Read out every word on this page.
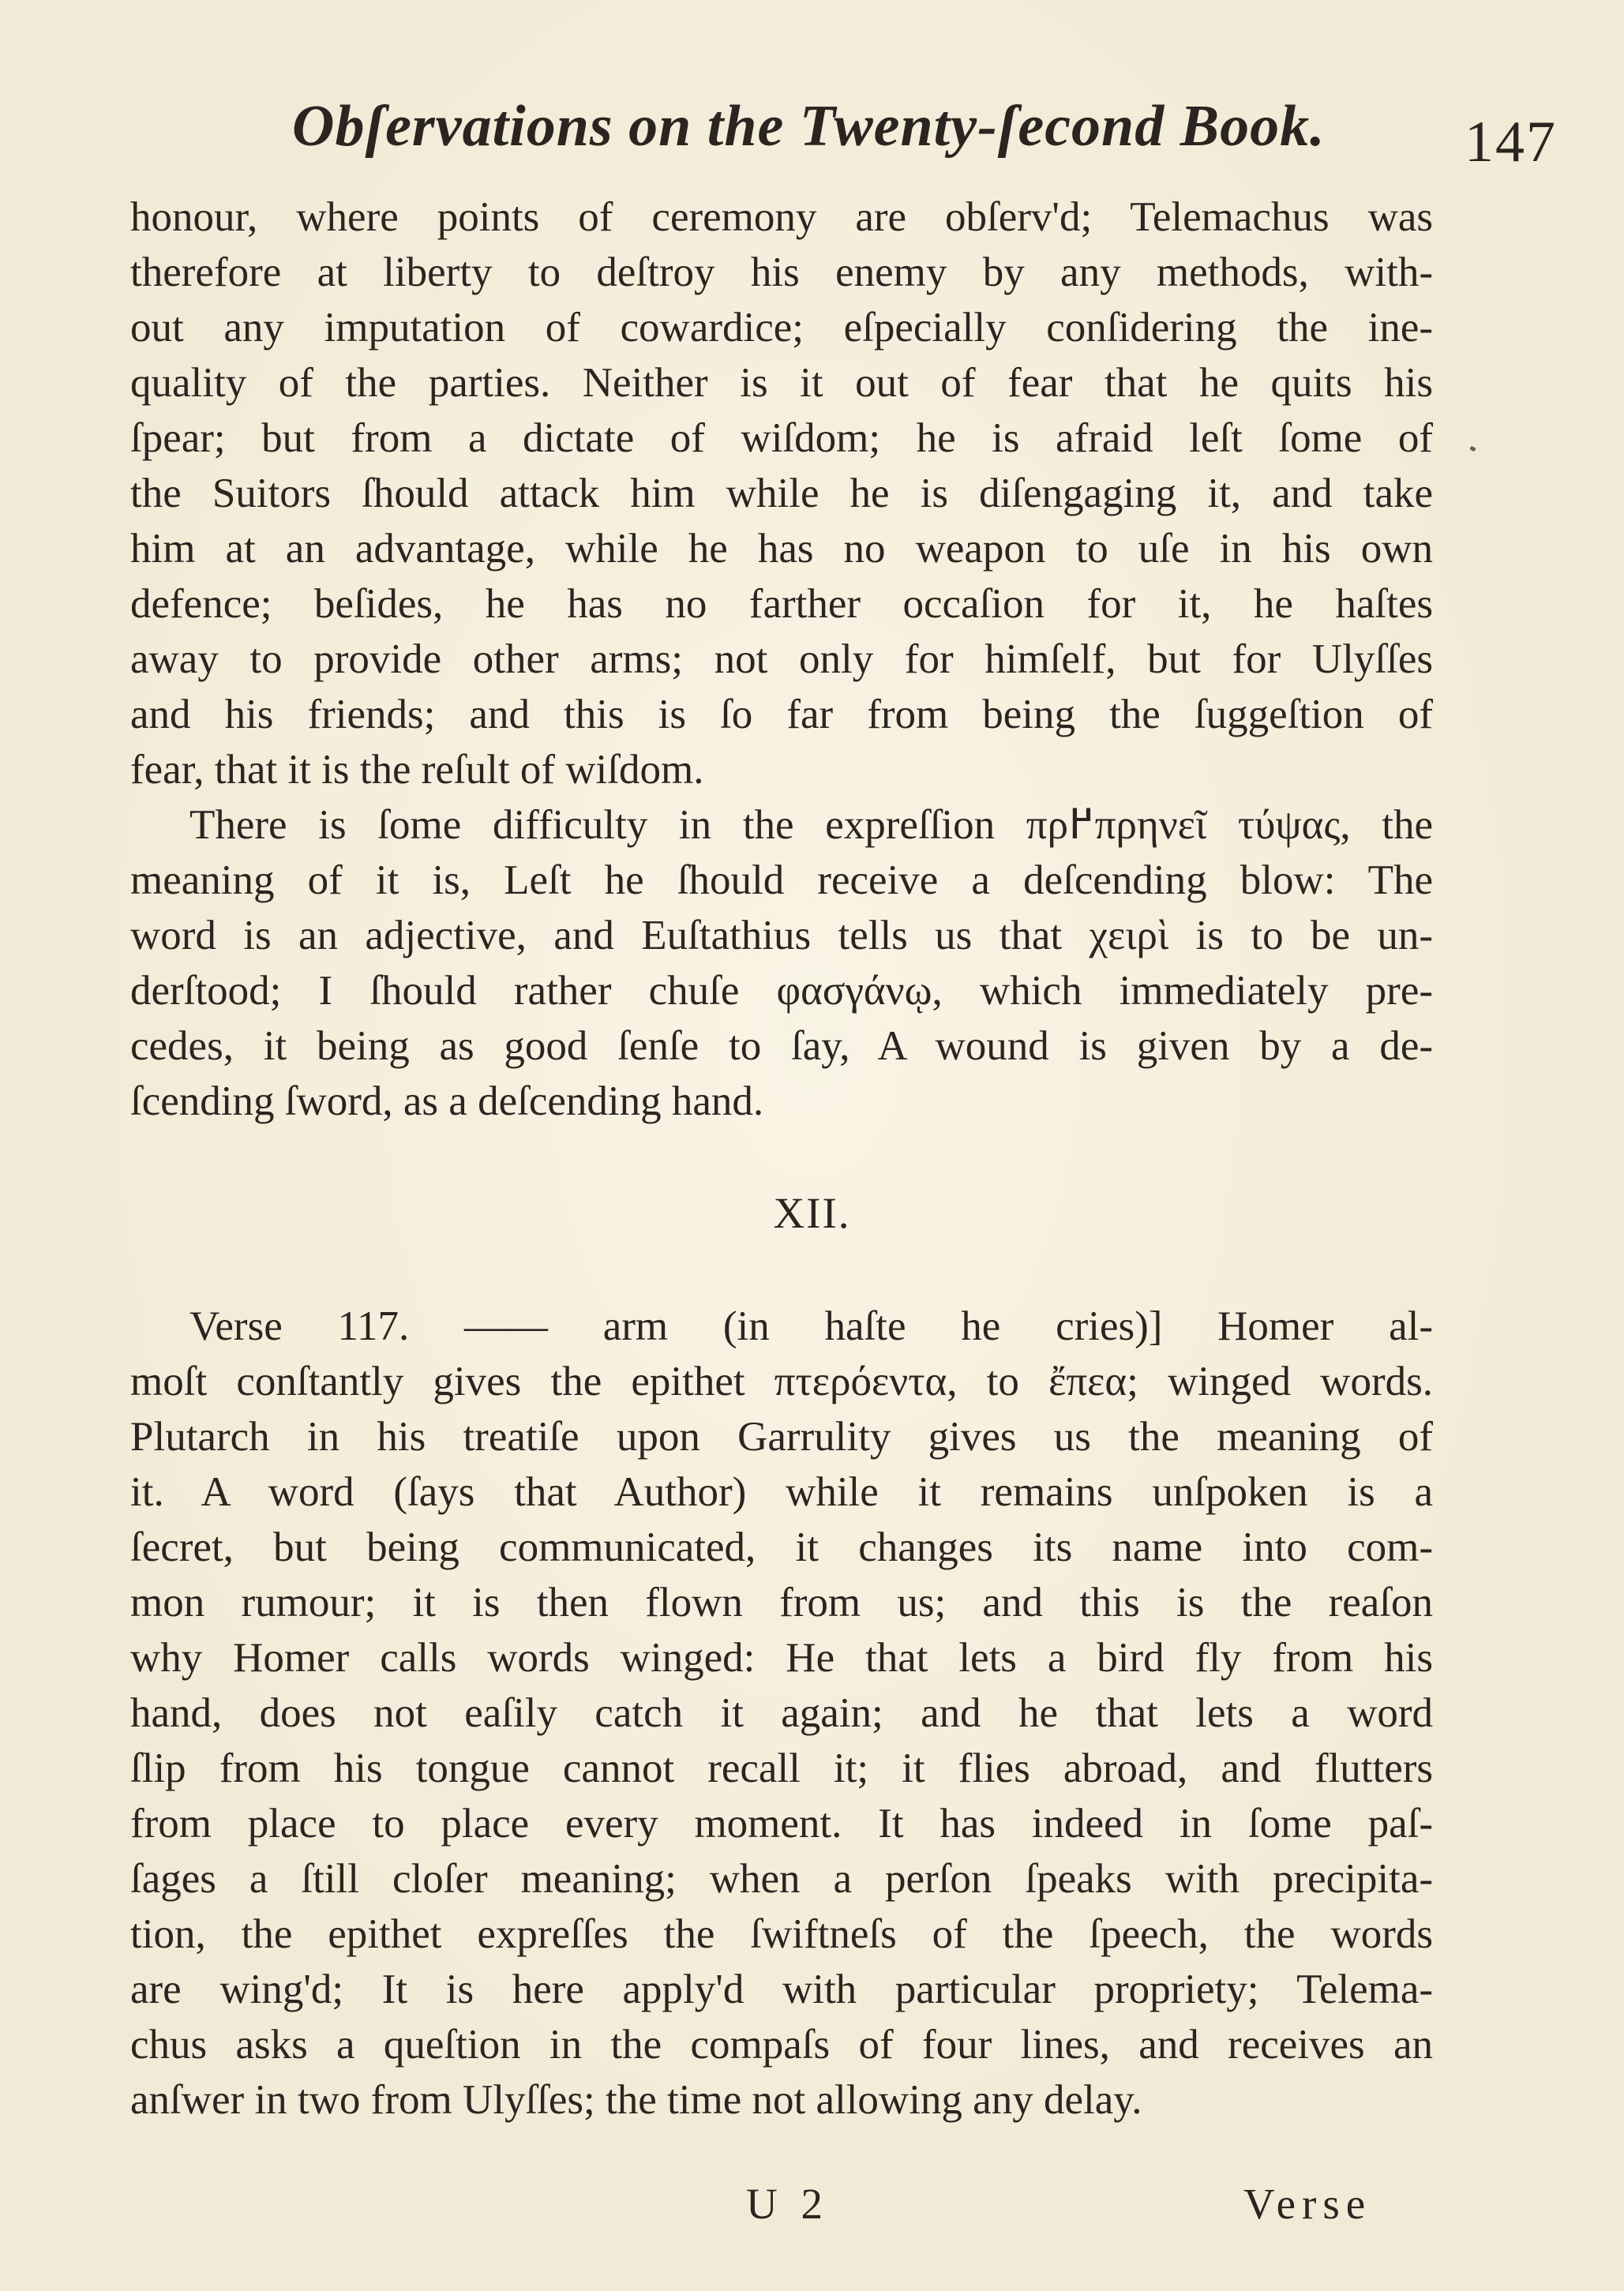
Obſervations on the Twenty-ſecond Book. 147
honour, where points of ceremony are obſerv'd; Telemachus was
therefore at liberty to deſtroy his enemy by any methods, with-
out any imputation of cowardice; eſpecially conſidering the ine-
quality of the parties. Neither is it out of fear that he quits his
ſpear; but from a dictate of wiſdom; he is afraid leſt ſome of
the Suitors ſhould attack him while he is diſengaging it, and take
him at an advantage, while he has no weapon to uſe in his own
defence; beſides, he has no farther occaſion for it, he haſtes
away to provide other arms; not only for himſelf, but for Ulyſſes
and his friends; and this is ſo far from being the ſuggeſtion of
fear, that it is the reſult of wiſdom.
There is ſome difficulty in the expreſſion πρ߂πρηνεῖ τύψας, the
meaning of it is, Leſt he ſhould receive a deſcending blow: The
word is an adjective, and Euſtathius tells us that χειρὶ is to be un-
derſtood; I ſhould rather chuſe φασγάνῳ, which immediately pre-
cedes, it being as good ſenſe to ſay, A wound is given by a de-
ſcending ſword, as a deſcending hand.
XII.
Verse 117. —— arm (in haſte he cries)] Homer al-
moſt conſtantly gives the epithet πτερόεντα, to ἔπεα; winged words.
Plutarch in his treatiſe upon Garrulity gives us the meaning of
it. A word (ſays that Author) while it remains unſpoken is a
ſecret, but being communicated, it changes its name into com-
mon rumour; it is then flown from us; and this is the reaſon
why Homer calls words winged: He that lets a bird fly from his
hand, does not eaſily catch it again; and he that lets a word
ſlip from his tongue cannot recall it; it flies abroad, and flutters
from place to place every moment. It has indeed in ſome paſ-
ſages a ſtill cloſer meaning; when a perſon ſpeaks with precipita-
tion, the epithet expreſſes the ſwiftneſs of the ſpeech, the words
are wing'd; It is here apply'd with particular propriety; Telema-
chus asks a queſtion in the compaſs of four lines, and receives an
anſwer in two from Ulyſſes; the time not allowing any delay.
U 2	Verse
